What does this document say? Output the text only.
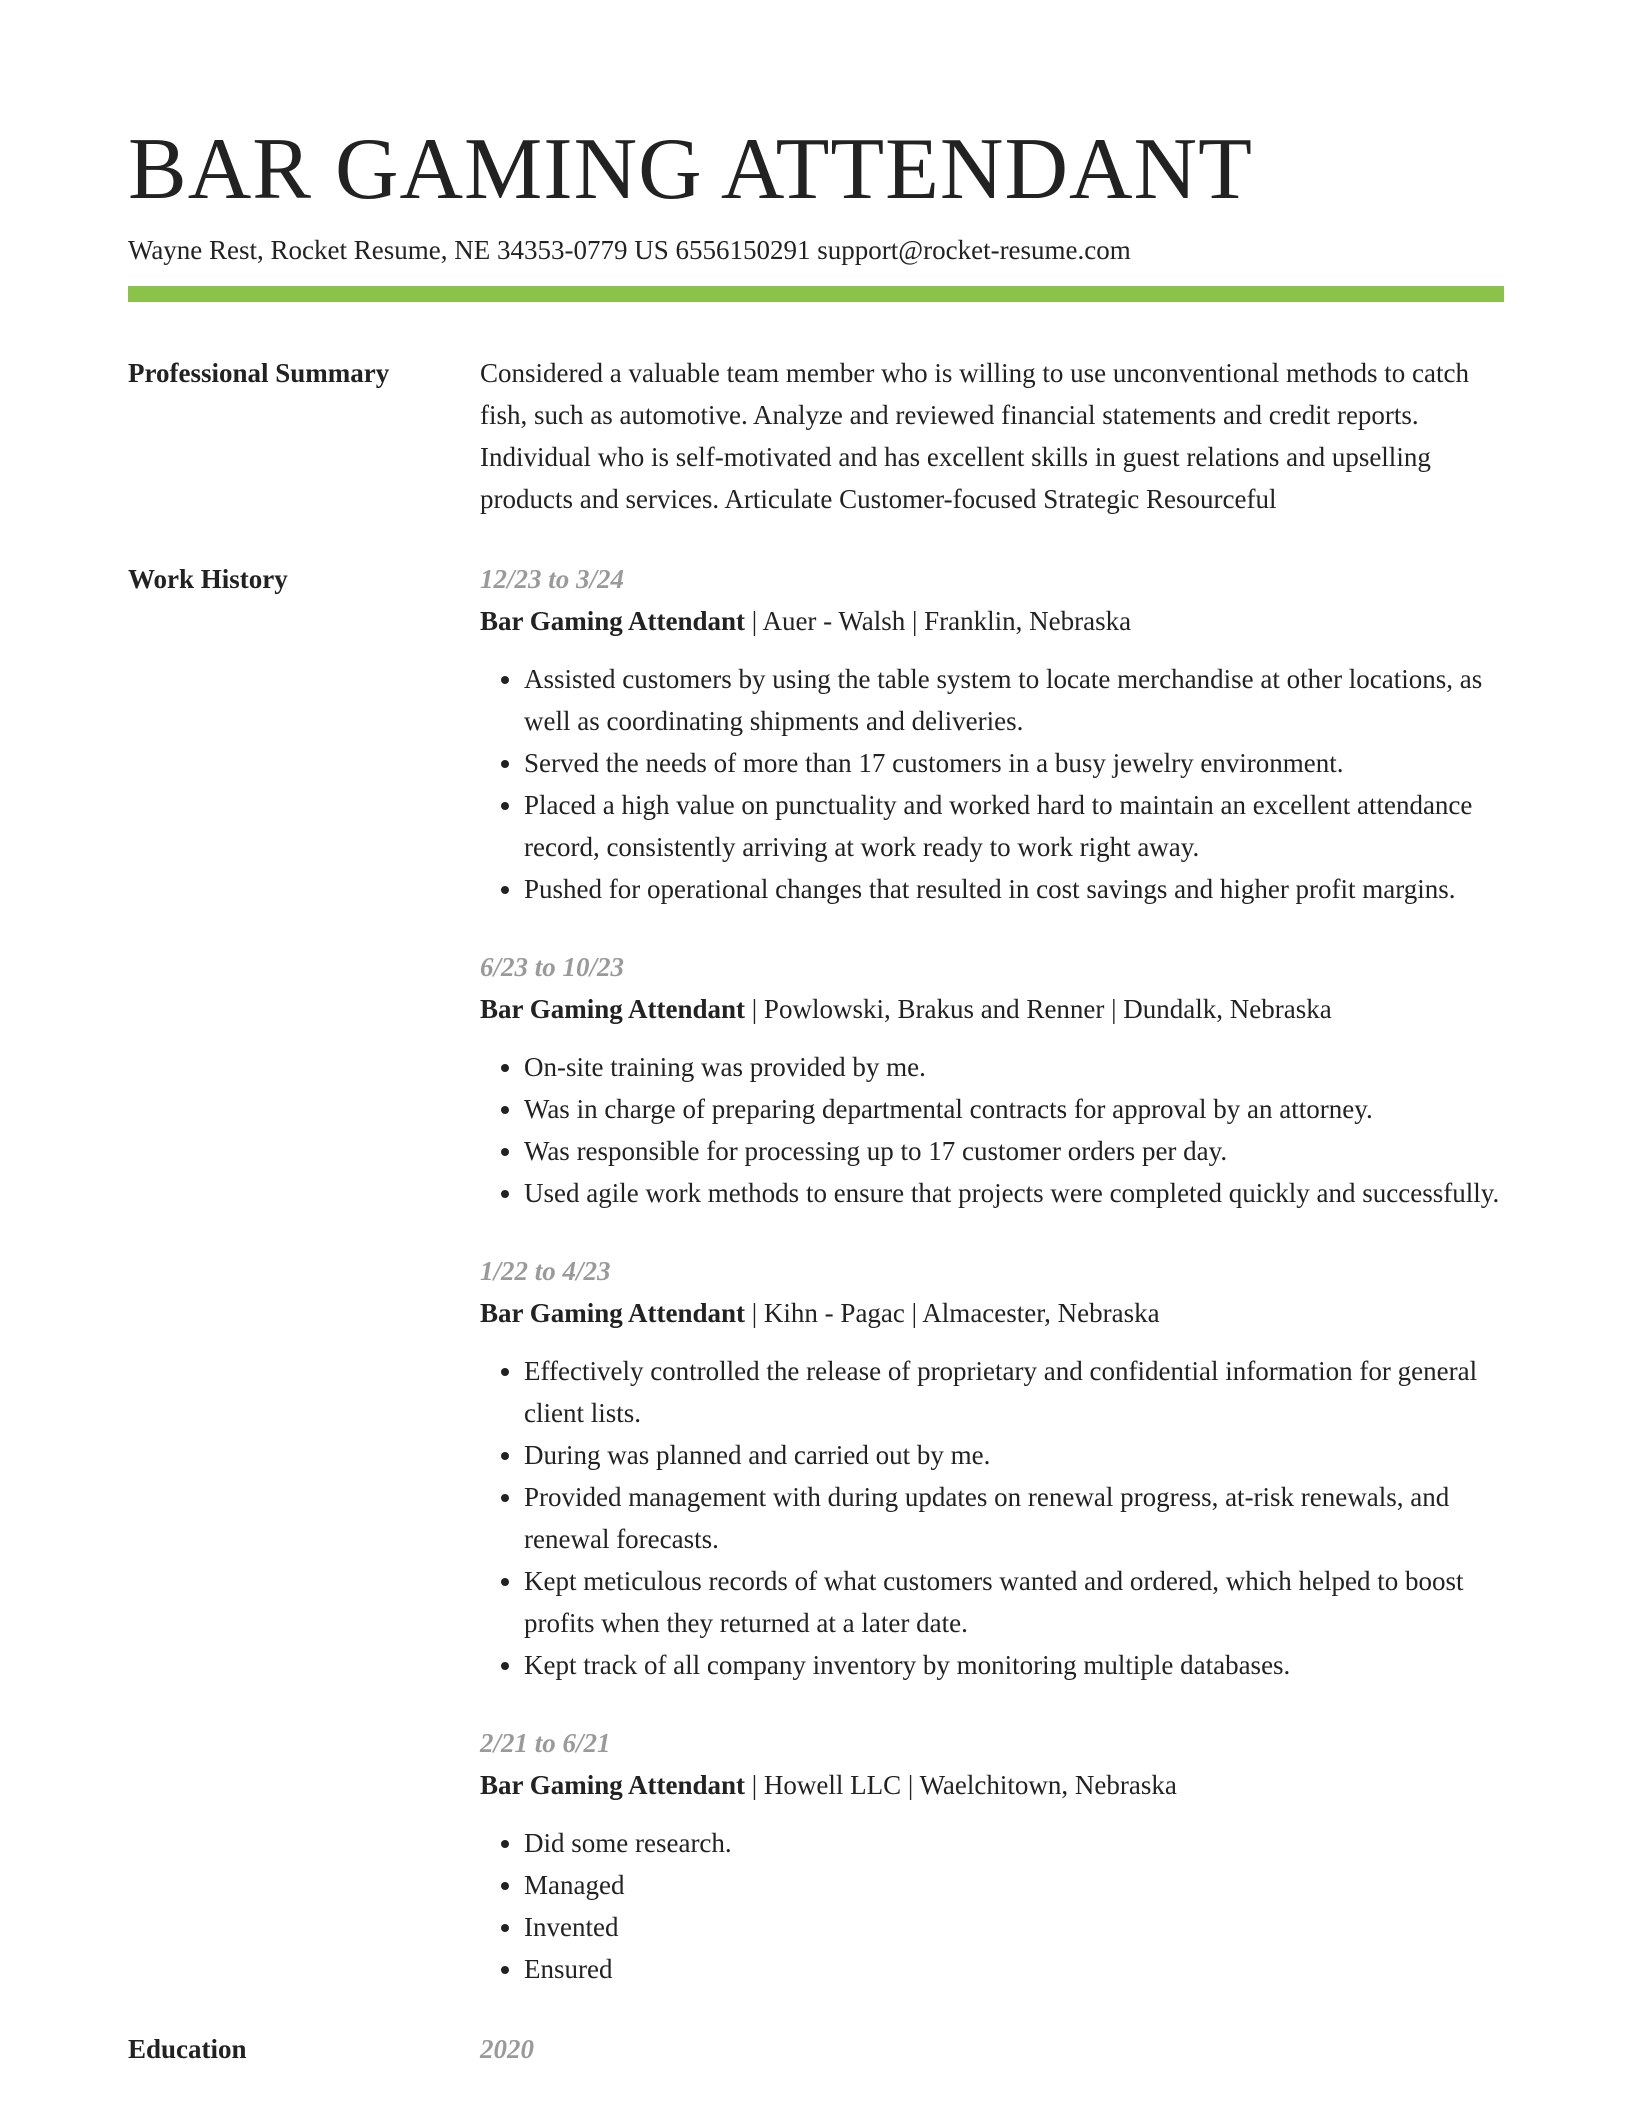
BAR GAMING ATTENDANT
Wayne Rest, Rocket Resume, NE 34353-0779 US 6556150291 support@rocket-resume.com
Professional Summary	Considered a valuable team member who is willing to use unconventional methods to catch fish, such as automotive. Analyze and reviewed financial statements and credit reports. Individual who is self-motivated and has excellent skills in guest relations and upselling products and services. Articulate Customer-focused Strategic Resourceful
Work History	12/23 to 3/24
Bar Gaming Attendant | Auer - Walsh | Franklin, Nebraska
• Assisted customers by using the table system to locate merchandise at other locations, as well as coordinating shipments and deliveries.
• Served the needs of more than 17 customers in a busy jewelry environment.
• Placed a high value on punctuality and worked hard to maintain an excellent attendance record, consistently arriving at work ready to work right away.
• Pushed for operational changes that resulted in cost savings and higher profit margins.
6/23 to 10/23
Bar Gaming Attendant | Powlowski, Brakus and Renner | Dundalk, Nebraska
• On-site training was provided by me.
• Was in charge of preparing departmental contracts for approval by an attorney.
• Was responsible for processing up to 17 customer orders per day.
• Used agile work methods to ensure that projects were completed quickly and successfully.
1/22 to 4/23
Bar Gaming Attendant | Kihn - Pagac | Almacester, Nebraska
• Effectively controlled the release of proprietary and confidential information for general client lists.
• During was planned and carried out by me.
• Provided management with during updates on renewal progress, at-risk renewals, and renewal forecasts.
• Kept meticulous records of what customers wanted and ordered, which helped to boost profits when they returned at a later date.
• Kept track of all company inventory by monitoring multiple databases.
2/21 to 6/21
Bar Gaming Attendant | Howell LLC | Waelchitown, Nebraska
• Did some research.
• Managed
• Invented
• Ensured
Education	2020
